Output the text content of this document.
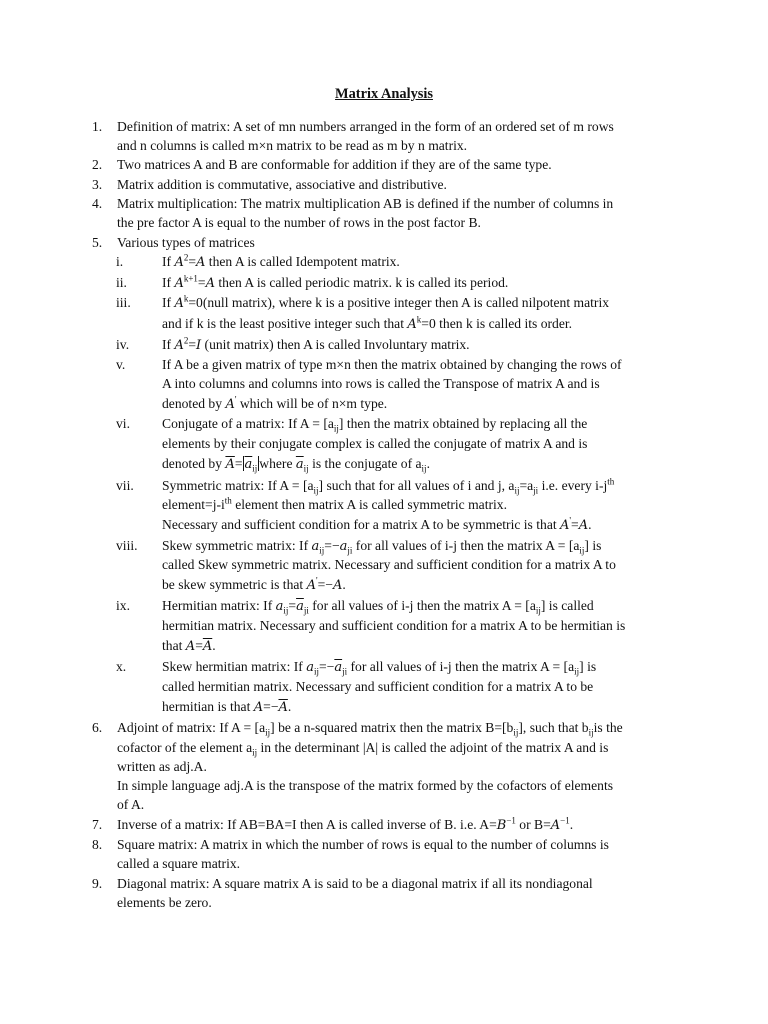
Matrix Analysis
1. Definition of matrix: A set of mn numbers arranged in the form of an ordered set of m rows
and n columns is called m×n matrix to be read as m by n matrix.
2. Two matrices A and B are conformable for addition if they are of the same type.
3. Matrix addition is commutative, associative and distributive.
4. Matrix multiplication: The matrix multiplication AB is defined if the number of columns in
the pre factor A is equal to the number of rows in the post factor B.
5. Various types of matrices
i.	If $A^2=A$ then A is called Idempotent matrix.
ii.	If $A^{k+1}=A$ then A is called periodic matrix. k is called its period.
iii. If $A^k=0(null$ matrix), where k is a positive integer then A is called nilpotent matrix
and if k is the least positive integer such that $A^k=0$ then k is called its order.
iv. If $A^2=I$ (unit matrix) then A is called Involuntary matrix.
v.	If A be a given matrix of type m×n then the matrix obtained by changing the rows of
A into columns and columns into rows is called the Transpose of matrix A and is
denoted by A' which will be of n×m type.
vi. Conjugate of a matrix: If $A = [a_{ij}]$ then the matrix obtained by replacing all the
elements by their conjugate complex is called the conjugate of matrix A and is
denoted by $\overline{A}= \overline{a}_{ij}$ where $\overline{a}_{ij}$ is the conjugate of $a_{ij}$.
vii. Symmetric matrix: If $A = [a_{ij}]$ such that for all values of i and j, $a_{ij}=a_{ji}$ i.e. every $i-j^{th}$
$element=j-i^{th}$ element then matrix A is called symmetric matrix.
Necessary and sufficient condition for a matrix A to be symmetric is that A'=A.
viii. Skew symmetric matrix: If $a_{ij}=-a_{ji}$ for all values of i-j then the matrix $A = [a_{ij}]$ is
called Skew symmetric matrix. Necessary and sufficient condition for a matrix A to
be skew symmetric is that A'=−A.
ix. Hermitian matrix: If $a_{ij}=\overline{a}_{ji}$ for all values of i-j then the matrix $A = [a_{ij}]$ is called
hermitian matrix. Necessary and sufficient condition for a matrix A to be hermitian is
that $A=\overline{A}$.
x.	Skew hermitian matrix: If $a_{ij}=-\overline{a}_{ji}$ for all values of i-j then the matrix $A = [a_{ij}]$ is
called hermitian matrix. Necessary and sufficient condition for a matrix A to be
hermitian is that $A=-\overline{A}$.
6. Adjoint of matrix: If $A = [a_{ij}]$ be a n-squared matrix then the matrix $B=[b_{ij}]$, such that $b_{ij}is$ the
cofactor of the element $a_{ij}$ in the determinant |A| is called the adjoint of the matrix A and is
written as adj.A.
In simple language adj.A is the transpose of the matrix formed by the cofactors of elements
of A.
7. Inverse of a matrix: If AB=BA=I then A is called inverse of B. i.e. $A=B^{-1}$ or $B=A^{-1}$.
8. Square matrix: A matrix in which the number of rows is equal to the number of columns is
called a square matrix.
9. Diagonal matrix: A square matrix A is said to be a diagonal matrix if all its nondiagonal
elements be zero.
